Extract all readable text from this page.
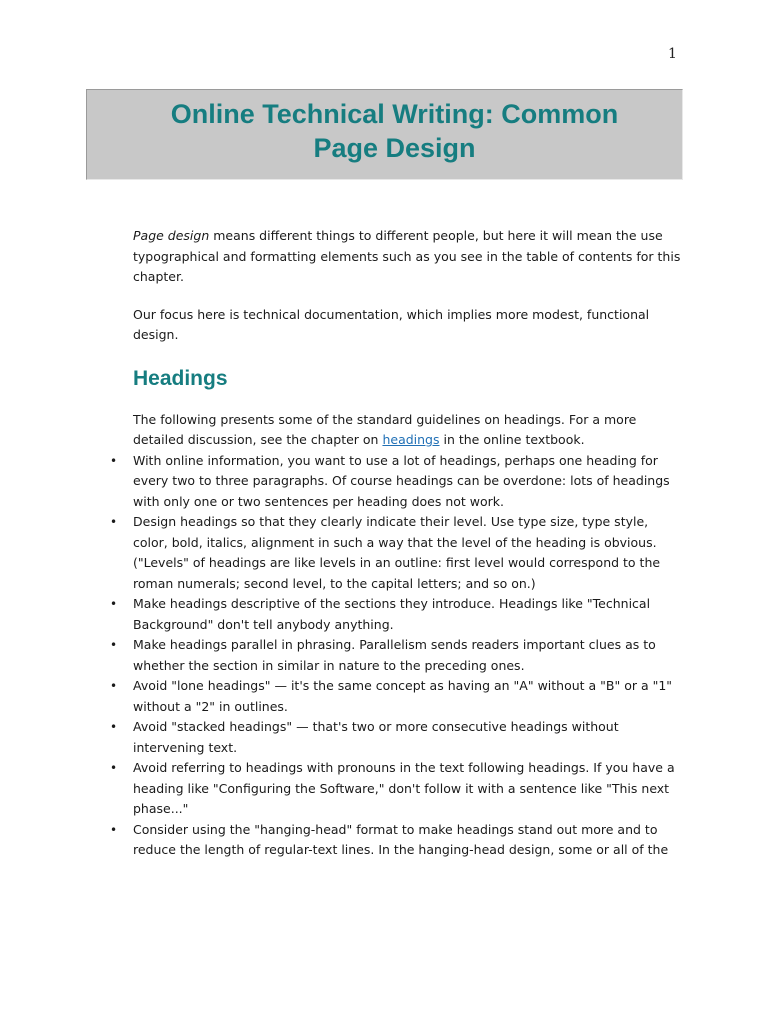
1
Online Technical Writing: Common
Page Design

Page design means different things to different people, but here it will mean the use typographical and formatting elements such as you see in the table of contents for this chapter.

Our focus here is technical documentation, which implies more modest, functional design.

Headings

The following presents some of the standard guidelines on headings. For a more detailed discussion, see the chapter on headings in the online textbook.

• With online information, you want to use a lot of headings, perhaps one heading for every two to three paragraphs. Of course headings can be overdone: lots of headings with only one or two sentences per heading does not work.
• Design headings so that they clearly indicate their level. Use type size, type style, color, bold, italics, alignment in such a way that the level of the heading is obvious. ("Levels" of headings are like levels in an outline: first level would correspond to the roman numerals; second level, to the capital letters; and so on.)
• Make headings descriptive of the sections they introduce. Headings like "Technical Background" don't tell anybody anything.
• Make headings parallel in phrasing. Parallelism sends readers important clues as to whether the section in similar in nature to the preceding ones.
• Avoid "lone headings" — it's the same concept as having an "A" without a "B" or a "1" without a "2" in outlines.
• Avoid "stacked headings" — that's two or more consecutive headings without intervening text.
• Avoid referring to headings with pronouns in the text following headings. If you have a heading like "Configuring the Software," don't follow it with a sentence like "This next phase..."
• Consider using the "hanging-head" format to make headings stand out more and to reduce the length of regular-text lines. In the hanging-head design, some or all of the
